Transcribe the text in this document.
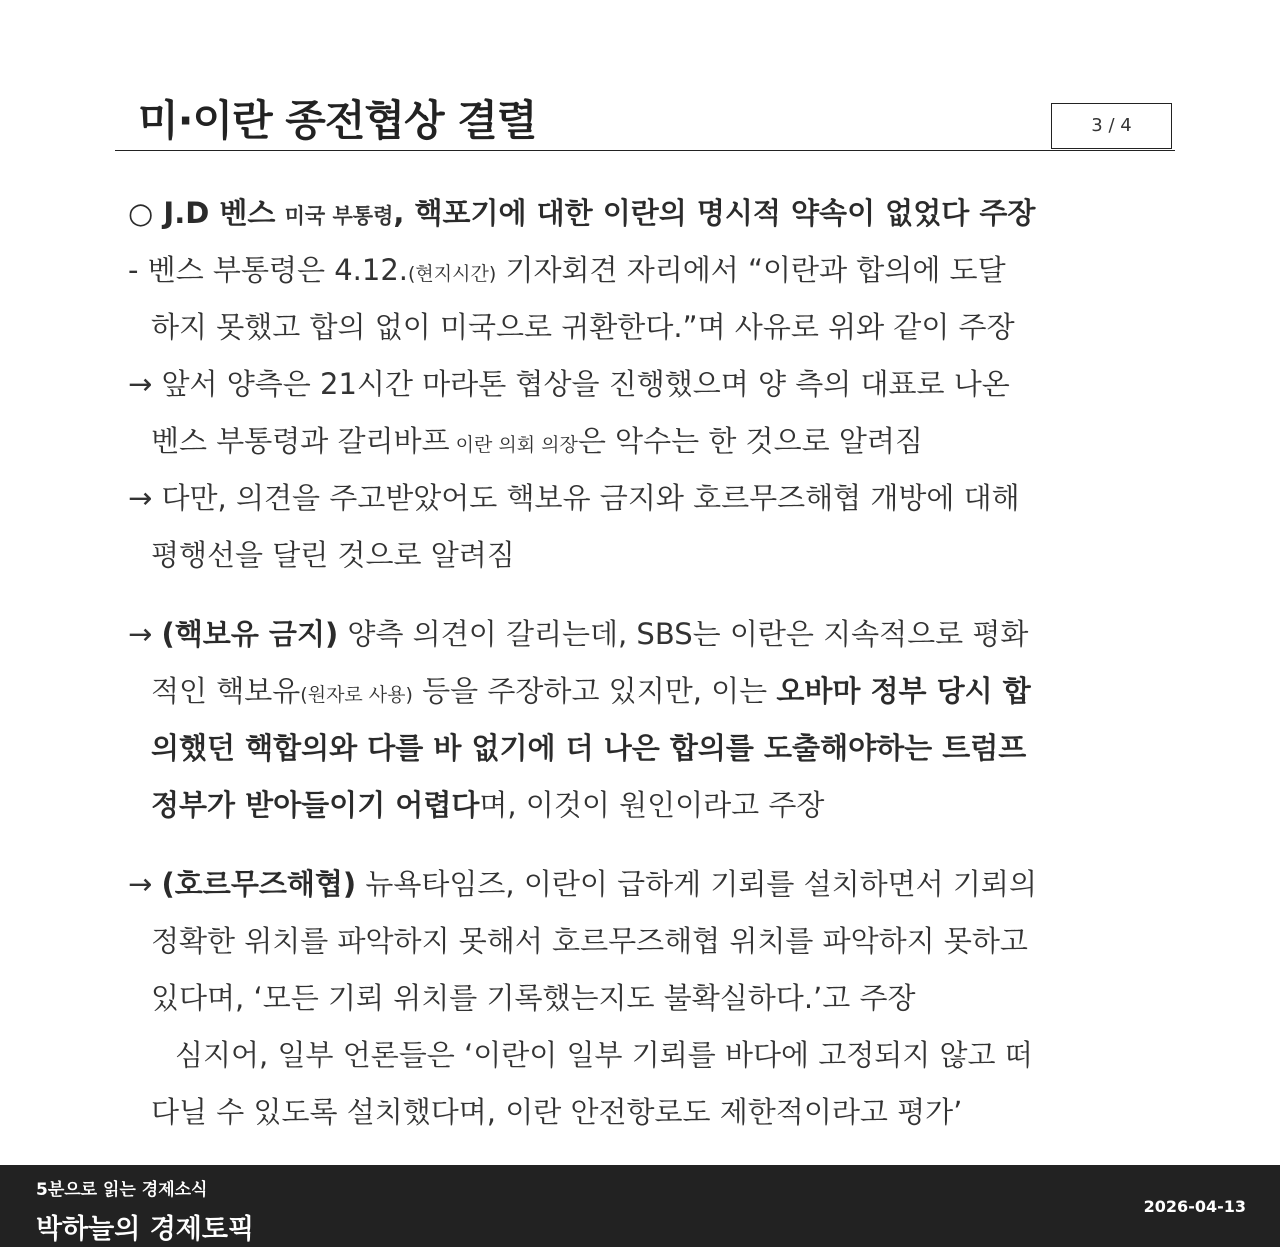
미·이란 종전협상 결렬	3 / 4
○ J.D 벤스 미국 부통령, 핵포기에 대한 이란의 명시적 약속이 없었다 주장
- 벤스 부통령은 4.12.(현지시간) 기자회견 자리에서 “이란과 합의에 도달
하지 못했고 합의 없이 미국으로 귀환한다.”며 사유로 위와 같이 주장
→ 앞서 양측은 21시간 마라톤 협상을 진행했으며 양 측의 대표로 나온
벤스 부통령과 갈리바프 이란 의회 의장은 악수는 한 것으로 알려짐
→ 다만, 의견을 주고받았어도 핵보유 금지와 호르무즈해협 개방에 대해
평행선을 달린 것으로 알려짐
→ (핵보유 금지) 양측 의견이 갈리는데, SBS는 이란은 지속적으로 평화
적인 핵보유(원자로 사용) 등을 주장하고 있지만, 이는 오바마 정부 당시 합
의했던 핵합의와 다를 바 없기에 더 나은 합의를 도출해야하는 트럼프
정부가 받아들이기 어렵다며, 이것이 원인이라고 주장
→ (호르무즈해협) 뉴욕타임즈, 이란이 급하게 기뢰를 설치하면서 기뢰의
정확한 위치를 파악하지 못해서 호르무즈해협 위치를 파악하지 못하고
있다며, ‘모든 기뢰 위치를 기록했는지도 불확실하다.’고 주장
심지어, 일부 언론들은 ‘이란이 일부 기뢰를 바다에 고정되지 않고 떠
다닐 수 있도록 설치했다며, 이란 안전항로도 제한적이라고 평가’
5분으로 읽는 경제소식
박하늘의 경제토픽
2026-04-13
